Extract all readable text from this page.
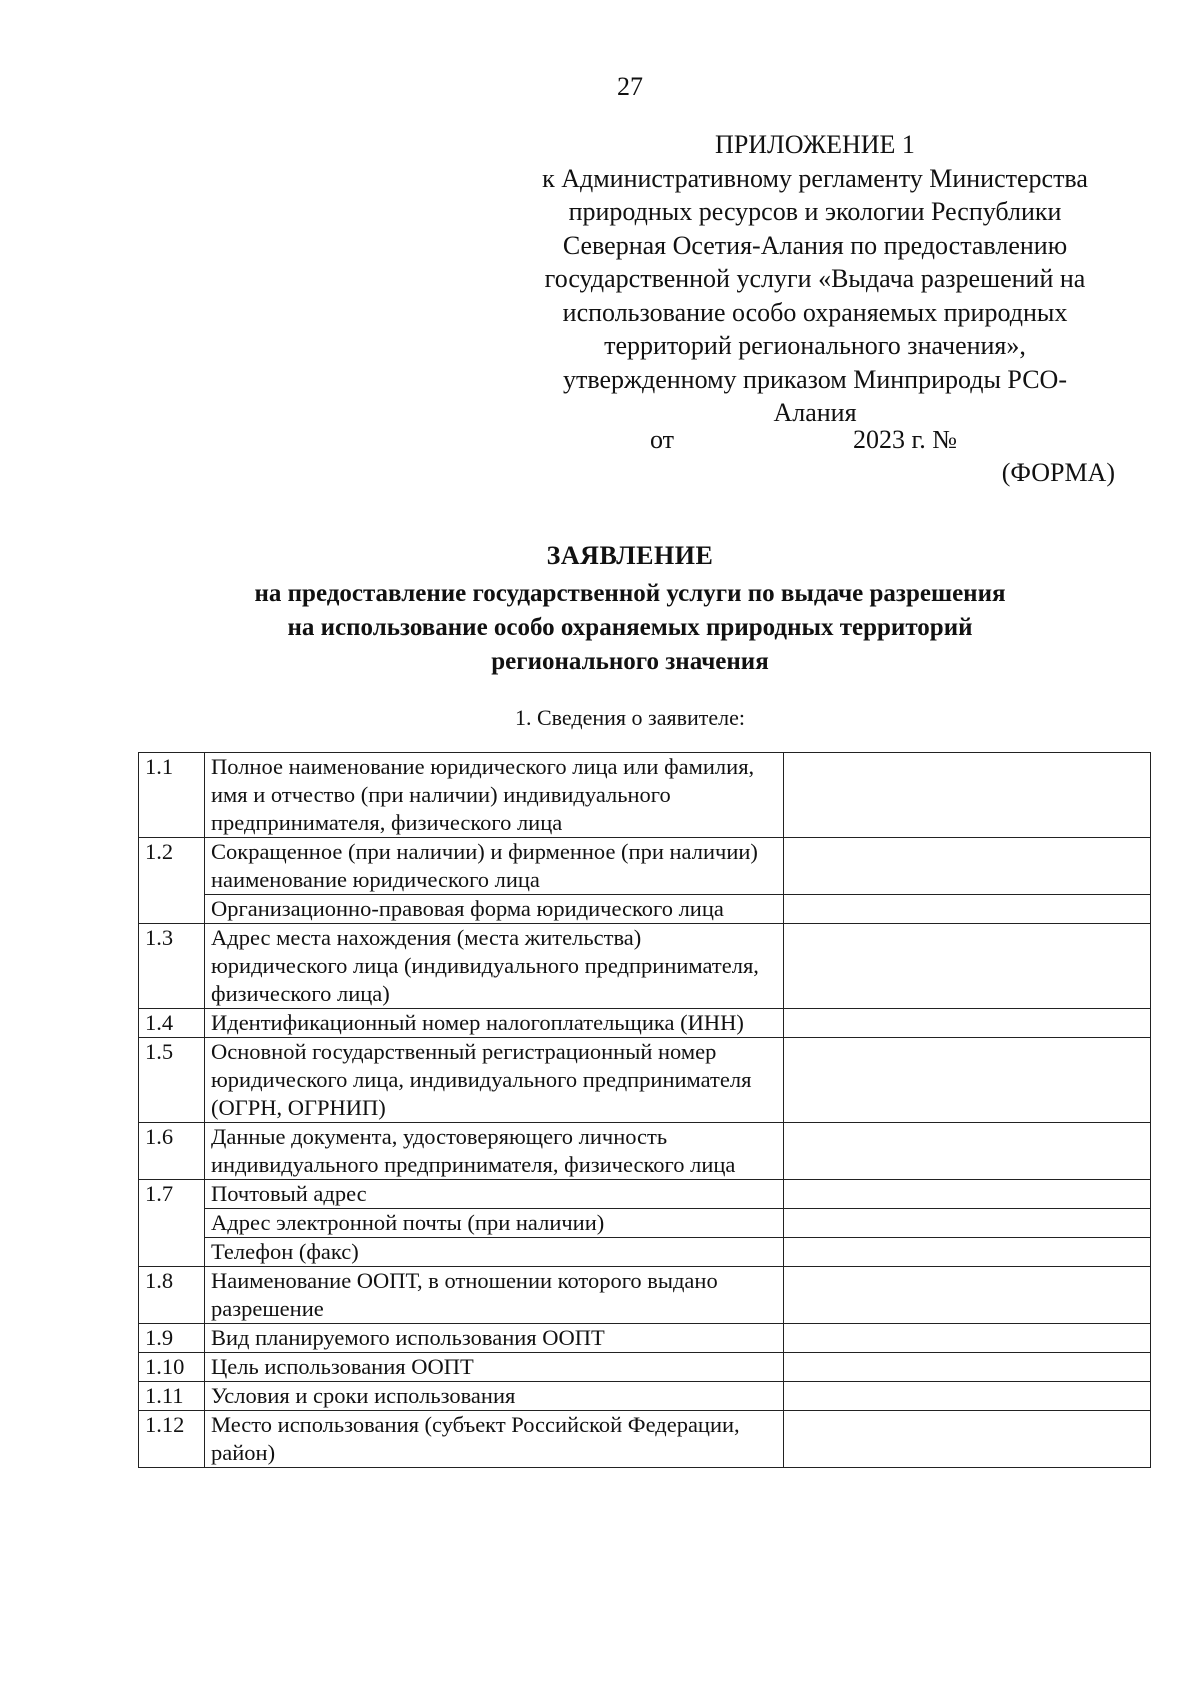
27

ПРИЛОЖЕНИЕ 1

к Административному регламенту Министерства
природных ресурсов и экологии Республики
Северная Осетия-Алания по предоставлению
государственной услуги «Выдача разрешений на
использование особо охраняемых природных
территорий регионального значения»,
утвержденному приказом Минприроды РСО-
Алания
от	2023 г. №
(ФОРМА)
ЗАЯВЛЕНИЕ
на предоставление государственной услуги по выдаче разрешения
на использование особо охраняемых природных территорий
регионального значения
1. Сведения о заявителе:
1.1	Полное наименование юридического лица или фамилия, имя и отчество (при наличии) индивидуального предпринимателя, физического лица	
1.2	Сокращенное (при наличии) и фирменное (при наличии) наименование юридического лица	
	Организационно-правовая форма юридического лица	
1.3	Адрес места нахождения (места жительства) юридического лица (индивидуального предпринимателя, физического лица)	
1.4	Идентификационный номер налогоплательщика (ИНН)	
1.5	Основной государственный регистрационный номер юридического лица, индивидуального предпринимателя (ОГРН, ОГРНИП)	
1.6	Данные документа, удостоверяющего личность индивидуального предпринимателя, физического лица	
1.7	Почтовый адрес	
	Адрес электронной почты (при наличии)	
	Телефон (факс)	
1.8	Наименование ООПТ, в отношении которого выдано разрешение	
1.9	Вид планируемого использования ООПТ	
1.10	Цель использования ООПТ	
1.11	Условия и сроки использования	
1.12	Место использования (субъект Российской Федерации, район)	
